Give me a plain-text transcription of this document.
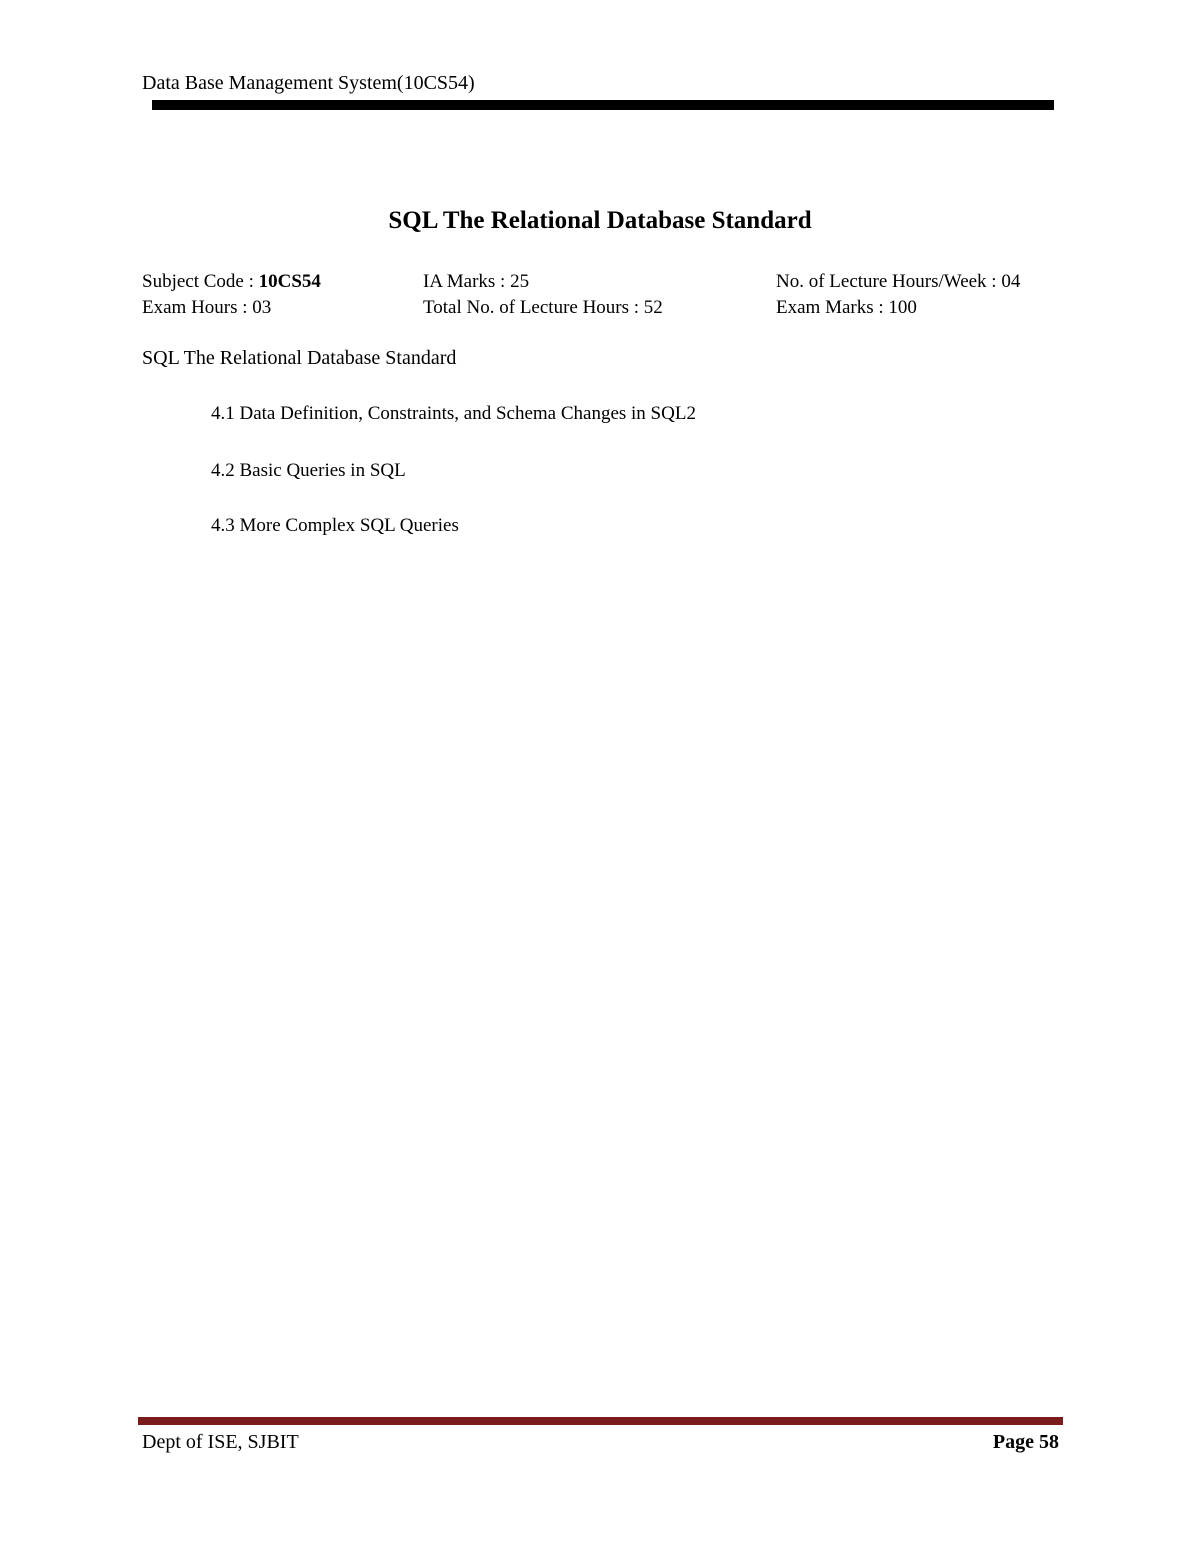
Data Base Management System(10CS54)
SQL The Relational Database Standard
Subject Code : 10CS54	IA Marks : 25	No. of Lecture Hours/Week : 04
Exam Hours : 03	Total No. of Lecture Hours : 52	Exam Marks : 100
SQL The Relational Database Standard
4.1 Data Definition, Constraints, and Schema Changes in SQL2
4.2 Basic Queries in SQL
4.3 More Complex SQL Queries
Dept of ISE, SJBIT	Page 58
